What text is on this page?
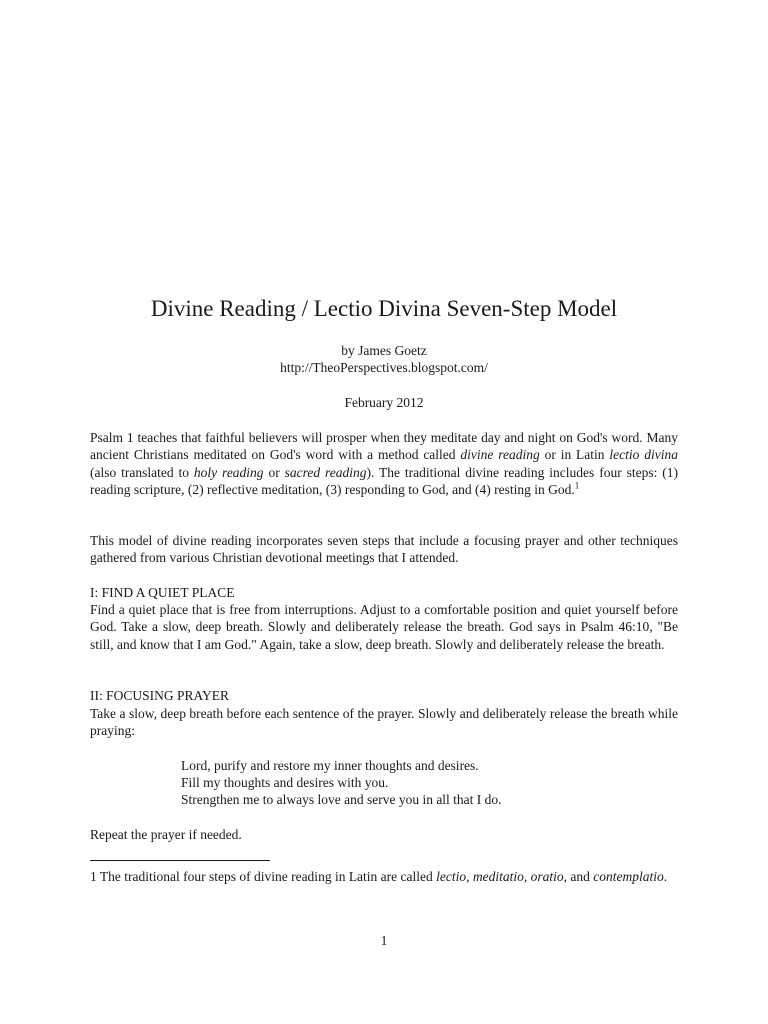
Divine Reading / Lectio Divina Seven-Step Model
by James Goetz
http://TheoPerspectives.blogspot.com/
February 2012

Psalm 1 teaches that faithful believers will prosper when they meditate day and night on God's word. Many ancient Christians meditated on God's word with a method called divine reading or in Latin lectio divina (also translated to holy reading or sacred reading). The traditional divine reading includes four steps: (1) reading scripture, (2) reflective meditation, (3) responding to God, and (4) resting in God.$^1$

This model of divine reading incorporates seven steps that include a focusing prayer and other techniques gathered from various Christian devotional meetings that I attended.

I: FIND A QUIET PLACE

Find a quiet place that is free from interruptions. Adjust to a comfortable position and quiet yourself before God. Take a slow, deep breath. Slowly and deliberately release the breath. God says in Psalm 46:10, "Be still, and know that I am God." Again, take a slow, deep breath. Slowly and deliberately release the breath.

II: FOCUSING PRAYER

Take a slow, deep breath before each sentence of the prayer. Slowly and deliberately release the breath while praying:

Lord, purify and restore my inner thoughts and desires.
Fill my thoughts and desires with you.
Strengthen me to always love and serve you in all that I do.
Repeat the prayer if needed.

1 The traditional four steps of divine reading in Latin are called lectio, meditatio, oratio, and contemplatio.

1
